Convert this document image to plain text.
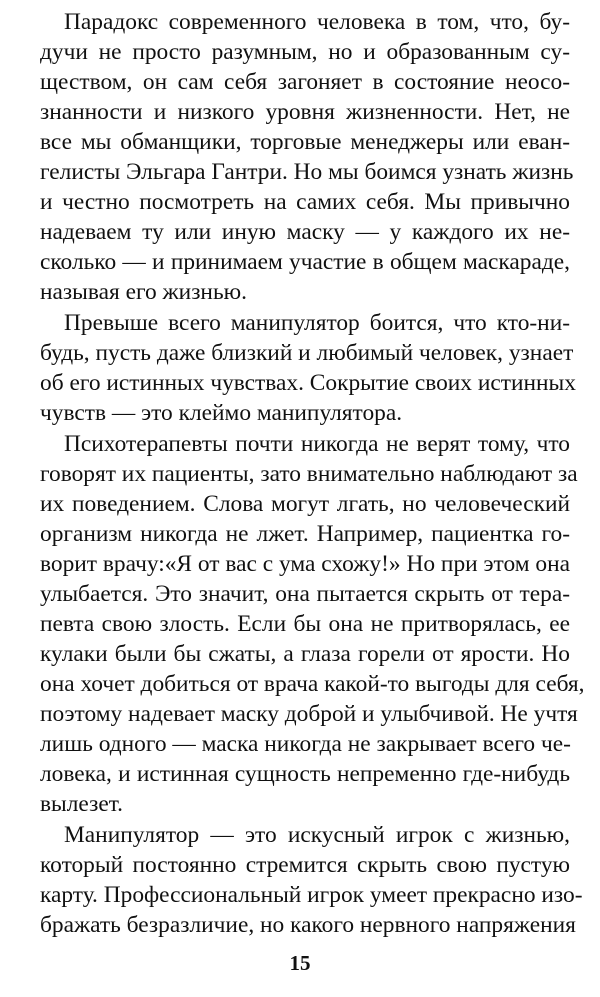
Парадокс современного человека в том, что, бу-
дучи не просто разумным, но и образованным су-
ществом, он сам себя загоняет в состояние неосо-
знанности и низкого уровня жизненности. Нет, не
все мы обманщики, торговые менеджеры или еван-
гелисты Эльгара Гантри. Но мы боимся узнать жизнь
и честно посмотреть на самих себя. Мы привычно
надеваем ту или иную маску — у каждого их не-
сколько — и принимаем участие в общем маскараде,
называя его жизнью.
Превыше всего манипулятор боится, что кто-ни-
будь, пусть даже близкий и любимый человек, узнает
об его истинных чувствах. Сокрытие своих истинных
чувств — это клеймо манипулятора.
Психотерапевты почти никогда не верят тому, что
говорят их пациенты, зато внимательно наблюдают за
их поведением. Слова могут лгать, но человеческий
организм никогда не лжет. Например, пациентка го-
ворит врачу:«Я от вас с ума схожу!» Но при этом она
улыбается. Это значит, она пытается скрыть от тера-
певта свою злость. Если бы она не притворялась, ее
кулаки были бы сжаты, а глаза горели от ярости. Но
она хочет добиться от врача какой-то выгоды для себя,
поэтому надевает маску доброй и улыбчивой. Не учтя
лишь одного — маска никогда не закрывает всего че-
ловека, и истинная сущность непременно где-нибудь
вылезет.
Манипулятор — это искусный игрок с жизнью,
который постоянно стремится скрыть свою пустую
карту. Профессиональный игрок умеет прекрасно изо-
бражать безразличие, но какого нервного напряжения
15
